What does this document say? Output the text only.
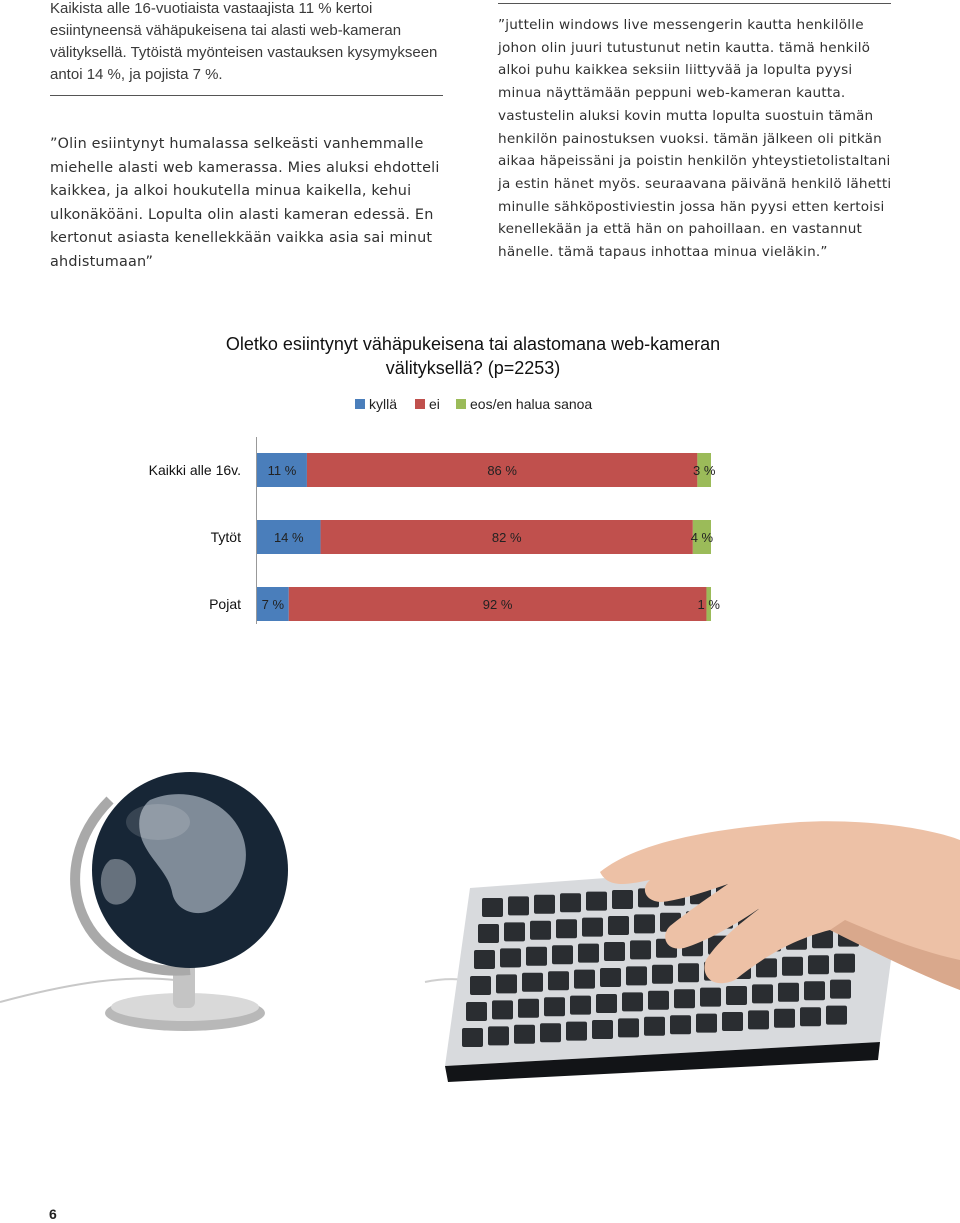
Kaikista alle 16-vuotiaista vastaajista 11 % kertoi esiintyneensä vähäpukeisena tai alasti web-kameran välityksellä. Tytöistä myönteisen vastauksen kysymykseen antoi 14 %, ja pojista 7 %.

”Olin esiintynyt humalassa selkeästi vanhemmalle miehelle alasti web kamerassa. Mies aluksi ehdotteli kaikkea, ja alkoi houkutella minua kaikella, kehui ulkonäköäni. Lopulta olin alasti kameran edessä. En kertonut asiasta kenellekkään vaikka asia sai minut ahdistumaan”

”juttelin windows live messengerin kautta henkilölle johon olin juuri tutustunut netin kautta. tämä henkilö alkoi puhu kaikkea seksiin liittyvää ja lopulta pyysi minua näyttämään peppuni web-kameran kautta. vastustelin aluksi kovin mutta lopulta suostuin tämän henkilön painostuksen vuoksi. tämän jälkeen oli pitkän aikaa häpeissäni ja poistin henkilön yhteystietolistaltani ja estin hänet myös. seuraavana päivänä henkilö lähetti minulle sähköpostiviestin jossa hän pyysi etten kertoisi kenellekään ja että hän on pahoillaan. en vastannut hänelle. tämä tapaus inhottaa minua vieläkin.”

Oletko esiintynyt vähäpukeisena tai alastomana web-kameran
välityksellä? (p=2253)
kyllä ei eos/en halua sanoa
Kaikki alle 16v. 11 %	86 %	3 %
Tytöt	14 %	82 %	4 %
Pojat 7 %	92 %	1 %
6
